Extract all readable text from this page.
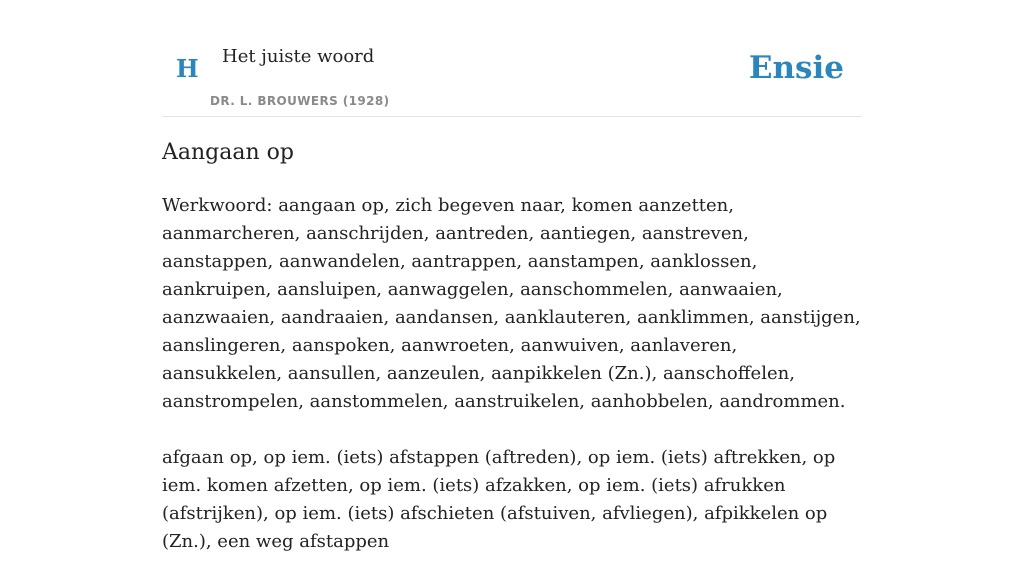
H Het juiste woord
DR. L. BROUWERS (1928)
Ensie
Aangaan op

Werkwoord: aangaan op, zich begeven naar, komen aanzetten, aanmarcheren, aanschrijden, aantreden, aantiegen, aanstreven, aanstappen, aanwandelen, aantrappen, aanstampen, aanklossen, aankruipen, aansluipen, aanwaggelen, aanschommelen, aanwaaien, aanzwaaien, aandraaien, aandansen, aanklauteren, aanklimmen, aanstijgen, aanslingeren, aanspoken, aanwroeten, aanwuiven, aanlaveren, aansukkelen, aansullen, aanzeulen, aanpikkelen (Zn.), aanschoffelen, aanstrompelen, aanstommelen, aanstruikelen, aanhobbelen, aandrommen.

afgaan op, op iem. (iets) afstappen (aftreden), op iem. (iets) aftrekken, op iem. komen afzetten, op iem. (iets) afzakken, op iem. (iets) afrukken (afstrijken), op iem. (iets) afschieten (afstuiven, afvliegen), afpikkelen op (Zn.), een weg afstappen
